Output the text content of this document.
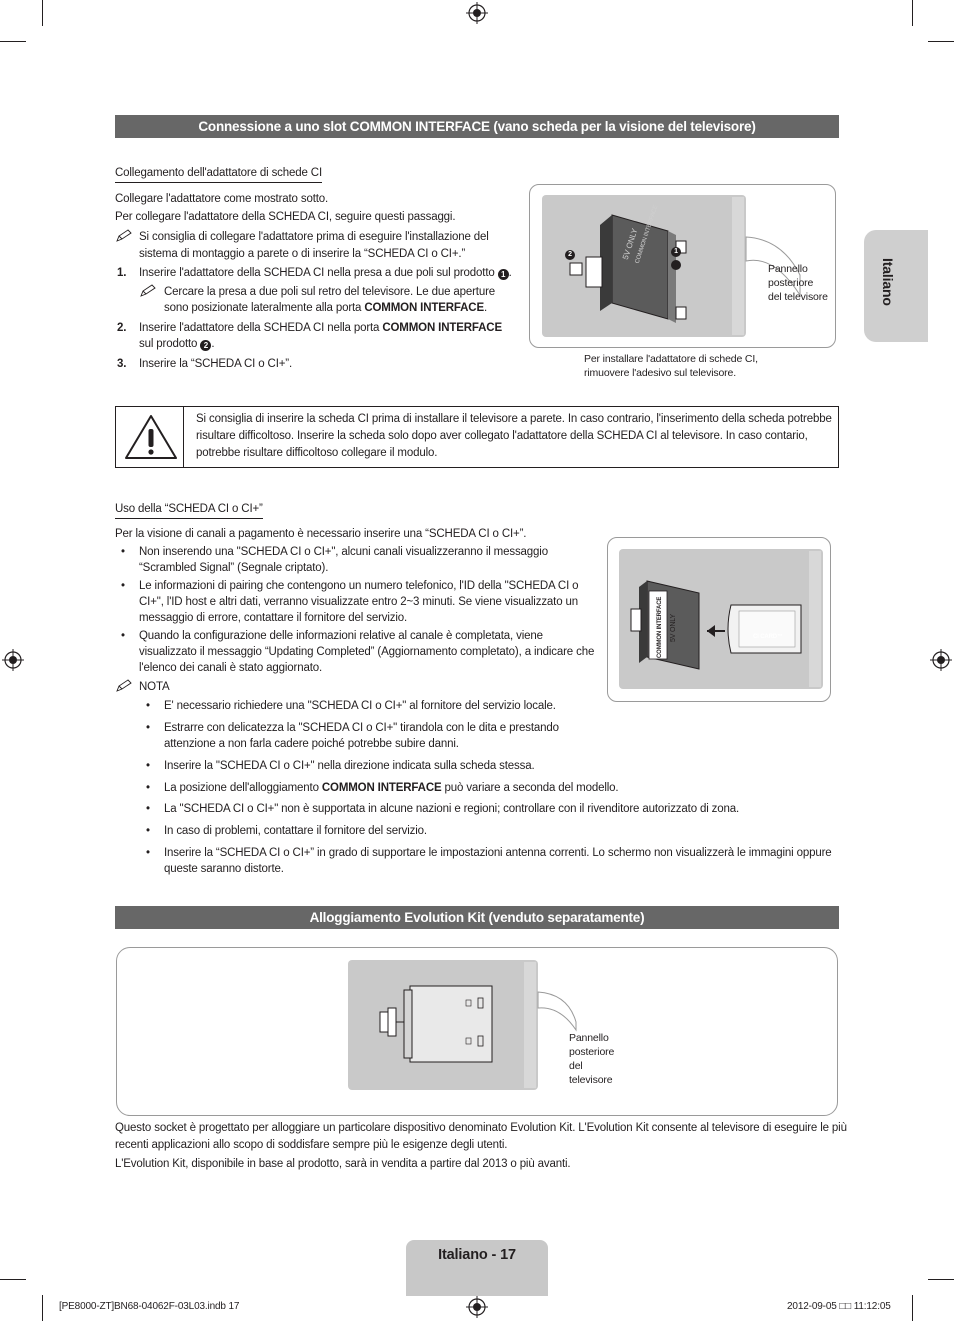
Italiano
Connessione a uno slot COMMON INTERFACE (vano scheda per la visione del televisore)
Collegamento dell'adattatore di schede CI
Collegare l'adattatore come mostrato sotto.
Per collegare l'adattatore della SCHEDA CI, seguire questi passaggi.
Si consiglia di collegare l'adattatore prima di eseguire l'installazione del
sistema di montaggio a parete o di inserire la “SCHEDA CI o CI+.”
1. Inserire l'adattatore della SCHEDA CI nella presa a due poli sul prodotto 1 .
Cercare la presa a due poli sul retro del televisore. Le due aperture
sono posizionate lateralmente alla porta COMMON INTERFACE.
2. Inserire l'adattatore della SCHEDA CI nella porta COMMON INTERFACE
sul prodotto 2 .
3. Inserire la “SCHEDA CI o CI+”.
2	1
5V ONLY
COMMON INTERFACE
Pannello
posteriore
del televisore
Per installare l'adattatore di schede CI,
rimuovere l'adesivo sul televisore.
Si consiglia di inserire la scheda CI prima di installare il televisore a parete. In caso contrario, l'inserimento della scheda potrebbe
risultare difficoltoso. Inserire la scheda solo dopo aver collegato l'adattatore della SCHEDA CI al televisore. In caso contario,
potrebbe risultare difficoltoso collegare il modulo.
Uso della “SCHEDA CI o CI+”
Per la visione di canali a pagamento è necessario inserire una “SCHEDA CI o CI+”.
• Non inserendo una "SCHEDA CI o CI+", alcuni canali visualizzeranno il messaggio
“Scrambled Signal” (Segnale criptato).
• Le informazioni di pairing che contengono un numero telefonico, l'ID della "SCHEDA CI o
CI+", l'ID host e altri dati, verranno visualizzate entro 2~3 minuti. Se viene visualizzato un
messaggio di errore, contattare il fornitore del servizio.
• Quando la configurazione delle informazioni relative al canale è completata, viene
visualizzato il messaggio “Updating Completed” (Aggiornamento completato), a indicare che
l'elenco dei canali è stato aggiornato.
NOTA
• E' necessario richiedere una "SCHEDA CI o CI+" al fornitore del servizio locale.
• Estrarre con delicatezza la "SCHEDA CI o CI+" tirandola con le dita e prestando
attenzione a non farla cadere poiché potrebbe subire danni.
• Inserire la "SCHEDA CI o CI+" nella direzione indicata sulla scheda stessa.
• La posizione dell'alloggiamento COMMON INTERFACE può variare a seconda del modello.
• La "SCHEDA CI o CI+" non è supportata in alcune nazioni e regioni; controllare con il rivenditore autorizzato di zona.
• In caso di problemi, contattare il fornitore del servizio.
• Inserire la “SCHEDA CI o CI+” in grado di supportare le impostazioni antenna correnti. Lo schermo non visualizzerà le immagini oppure
queste saranno distorte.
COMMON INTERFACE	5V ONLY	CI CARD™
Alloggiamento Evolution Kit (venduto separatamente)
Pannello
posteriore
del
televisore
Questo socket è progettato per alloggiare un particolare dispositivo denominato Evolution Kit. L'Evolution Kit consente al televisore di eseguire le più
recenti applicazioni allo scopo di soddisfare sempre più le esigenze degli utenti.
L'Evolution Kit, disponibile in base al prodotto, sarà in vendita a partire dal 2013 o più avanti.
Italiano - 17
[PE8000-ZT]BN68-04062F-03L03.indb 17	2012-09-05 □□ 11:12:05
